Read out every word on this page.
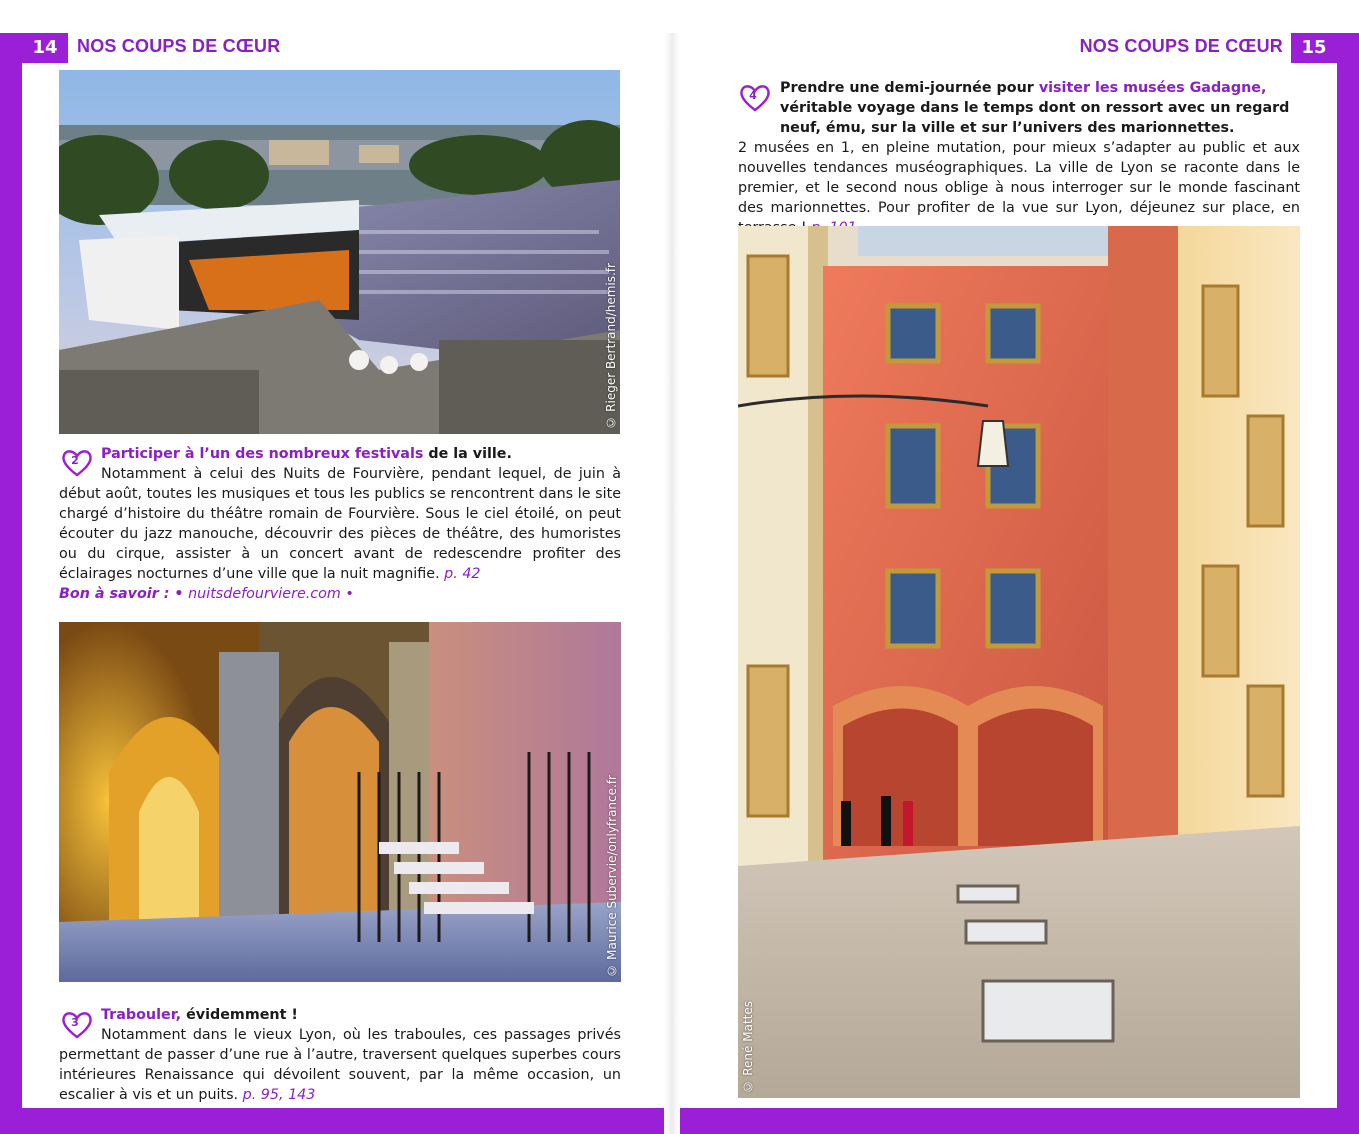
14	NOS COUPS DE CŒUR	NOS COUPS DE CŒUR	15
© Rieger Bertrand/hemis.fr
2	Participer à l’un des nombreux festivals de la ville.

Notamment à celui des Nuits de Fourvière, pendant lequel, de juin à début août, toutes les musiques et tous les publics se rencontrent dans le site chargé d’histoire du théâtre romain de Fourvière. Sous le ciel étoilé, on peut écouter du jazz manouche, découvrir des pièces de théâtre, des humoristes ou du cirque, assister à un concert avant de redescendre profiter des éclairages nocturnes d’une ville que la nuit magnifie. p. 42

Bon à savoir : • nuitsdefourviere.com •

© Maurice Subervie/onlyfrance.fr
3	Trabouler, évidemment !

Notamment dans le vieux Lyon, où les traboules, ces passages privés permettant de passer d’une rue à l’autre, traversent quelques superbes cours intérieures Renaissance qui dévoilent souvent, par la même occasion, un escalier à vis et un puits. p. 95, 143

4	Prendre une demi-journée pour visiter les musées Gadagne, véritable voyage dans le temps dont on ressort avec un regard neuf, ému, sur la ville et sur l’univers des marionnettes.

2 musées en 1, en pleine mutation, pour mieux s’adapter au public et aux nouvelles tendances muséographiques. La ville de Lyon se raconte dans le premier, et le second nous oblige à nous interroger sur le monde fascinant des marionnettes. Pour profiter de la vue sur Lyon, déjeunez sur place, en

© René Mattes
